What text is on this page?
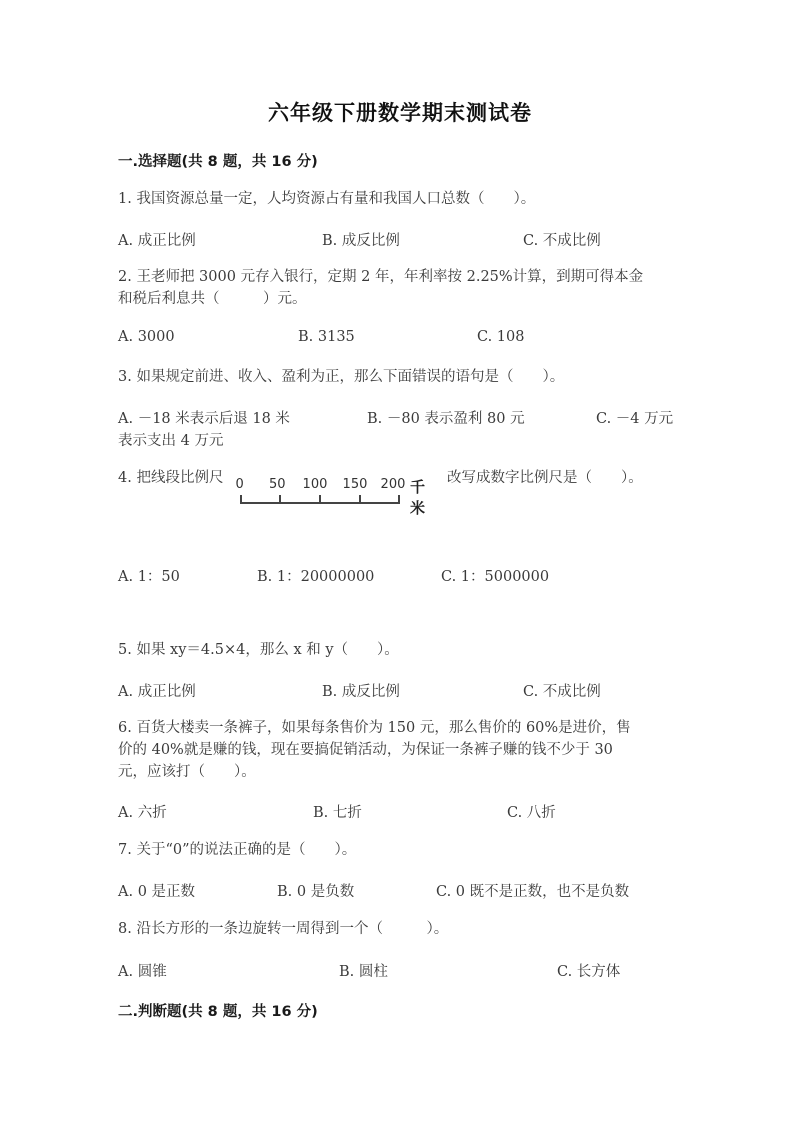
六年级下册数学期末测试卷
一.选择题(共 8 题，共 16 分)
1. 我国资源总量一定，人均资源占有量和我国人口总数（　　）。
A. 成正比例	B. 成反比例	C. 不成比例
2. 王老师把 3000 元存入银行，定期 2 年，年利率按 2.25%计算，到期可得本金
和税后利息共（　　　）元。
A. 3000	B. 3135	C. 108
3. 如果规定前进、收入、盈利为正，那么下面错误的语句是（　　）。
A. －18 米表示后退 18 米	B. －80 表示盈利 80 元	C. －4 万元
表示支出 4 万元
4. 把线段比例尺 0 50 100 150 200 千米
改写成数字比例尺是（　　）。
A. 1：50	B. 1：20000000	C. 1：5000000
5. 如果 xy＝4.5×4，那么 x 和 y（　　）。
A. 成正比例	B. 成反比例	C. 不成比例
6. 百货大楼卖一条裤子，如果每条售价为 150 元，那么售价的 60%是进价，售
价的 40%就是赚的钱，现在要搞促销活动，为保证一条裤子赚的钱不少于 30
元，应该打（　　）。
A. 六折	B. 七折	C. 八折
7. 关于“0”的说法正确的是（　　）。
A. 0 是正数	B. 0 是负数	C. 0 既不是正数，也不是负数
8. 沿长方形的一条边旋转一周得到一个（　　　）。
A. 圆锥	B. 圆柱	C. 长方体
二.判断题(共 8 题，共 16 分)
